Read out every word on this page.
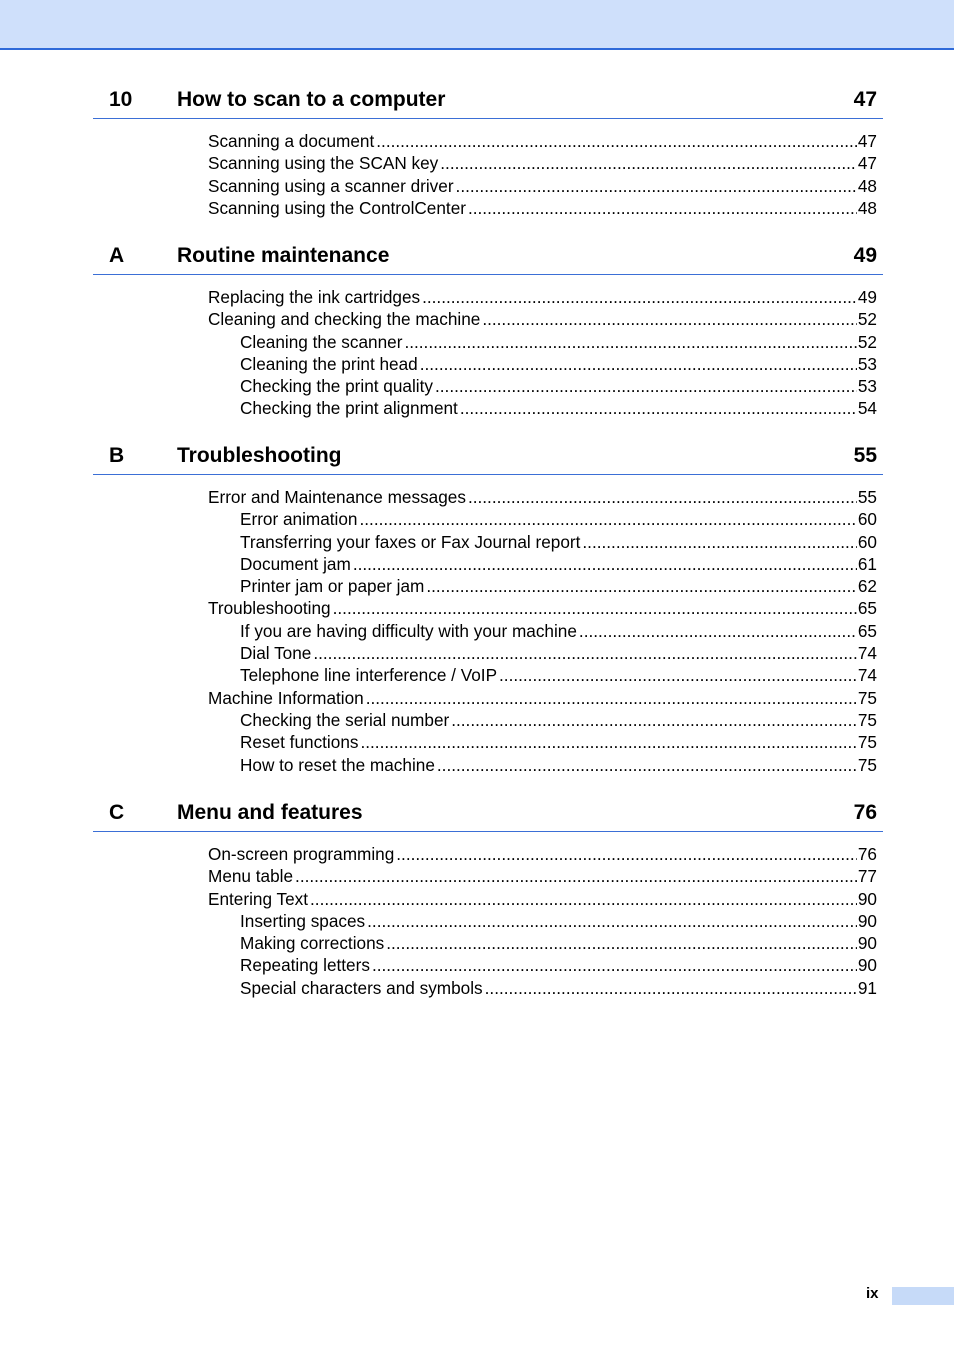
10 How to scan to a computer	47
Scanning a document .....	47
Scanning using the SCAN key .....	47
Scanning using a scanner driver .....	48
Scanning using the ControlCenter .....	48
A	Routine maintenance	49
Replacing the ink cartridges .....	49
Cleaning and checking the machine .....	52
Cleaning the scanner .....	52
Cleaning the print head .....	53
Checking the print quality .....	53
Checking the print alignment .....	54
B	Troubleshooting	55
Error and Maintenance messages .....	55
Error animation .....	60
Transferring your faxes or Fax Journal report .....	60
Document jam .....	61
Printer jam or paper jam .....	62
Troubleshooting .....	65
If you are having difficulty with your machine .....	65
Dial Tone .....	74
Telephone line interference / VoIP .....	74
Machine Information .....	75
Checking the serial number .....	75
Reset functions .....	75
How to reset the machine .....	75
C	Menu and features	76
On-screen programming .....	76
Menu table .....	77
Entering Text .....	90
Inserting spaces .....	90
Making corrections .....	90
Repeating letters .....	90
Special characters and symbols .....	91
ix
